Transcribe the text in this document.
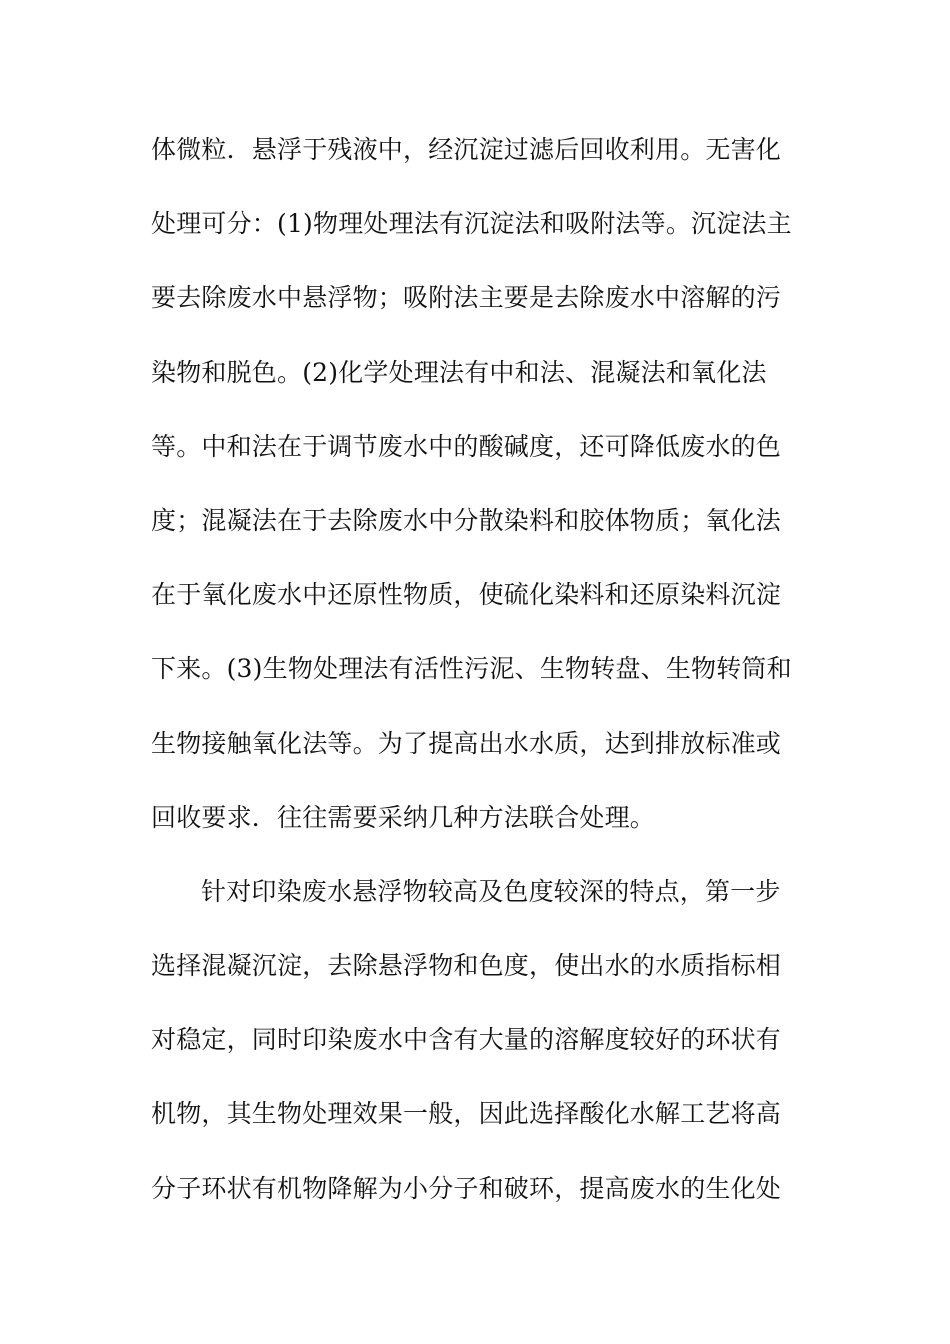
体微粒．悬浮于残液中，经沉淀过滤后回收利用。无害化
处理可分：(1)物理处理法有沉淀法和吸附法等。沉淀法主
要去除废水中悬浮物；吸附法主要是去除废水中溶解的污
染物和脱色。(2)化学处理法有中和法、混凝法和氧化法
等。中和法在于调节废水中的酸碱度，还可降低废水的色
度；混凝法在于去除废水中分散染料和胶体物质；氧化法
在于氧化废水中还原性物质，使硫化染料和还原染料沉淀
下来。(3)生物处理法有活性污泥、生物转盘、生物转筒和
生物接触氧化法等。为了提高出水水质，达到排放标准或
回收要求．往往需要采纳几种方法联合处理。
针对印染废水悬浮物较高及色度较深的特点，第一步
选择混凝沉淀，去除悬浮物和色度，使出水的水质指标相
对稳定，同时印染废水中含有大量的溶解度较好的环状有
机物，其生物处理效果一般，因此选择酸化水解工艺将高
分子环状有机物降解为小分子和破环，提高废水的生化处
